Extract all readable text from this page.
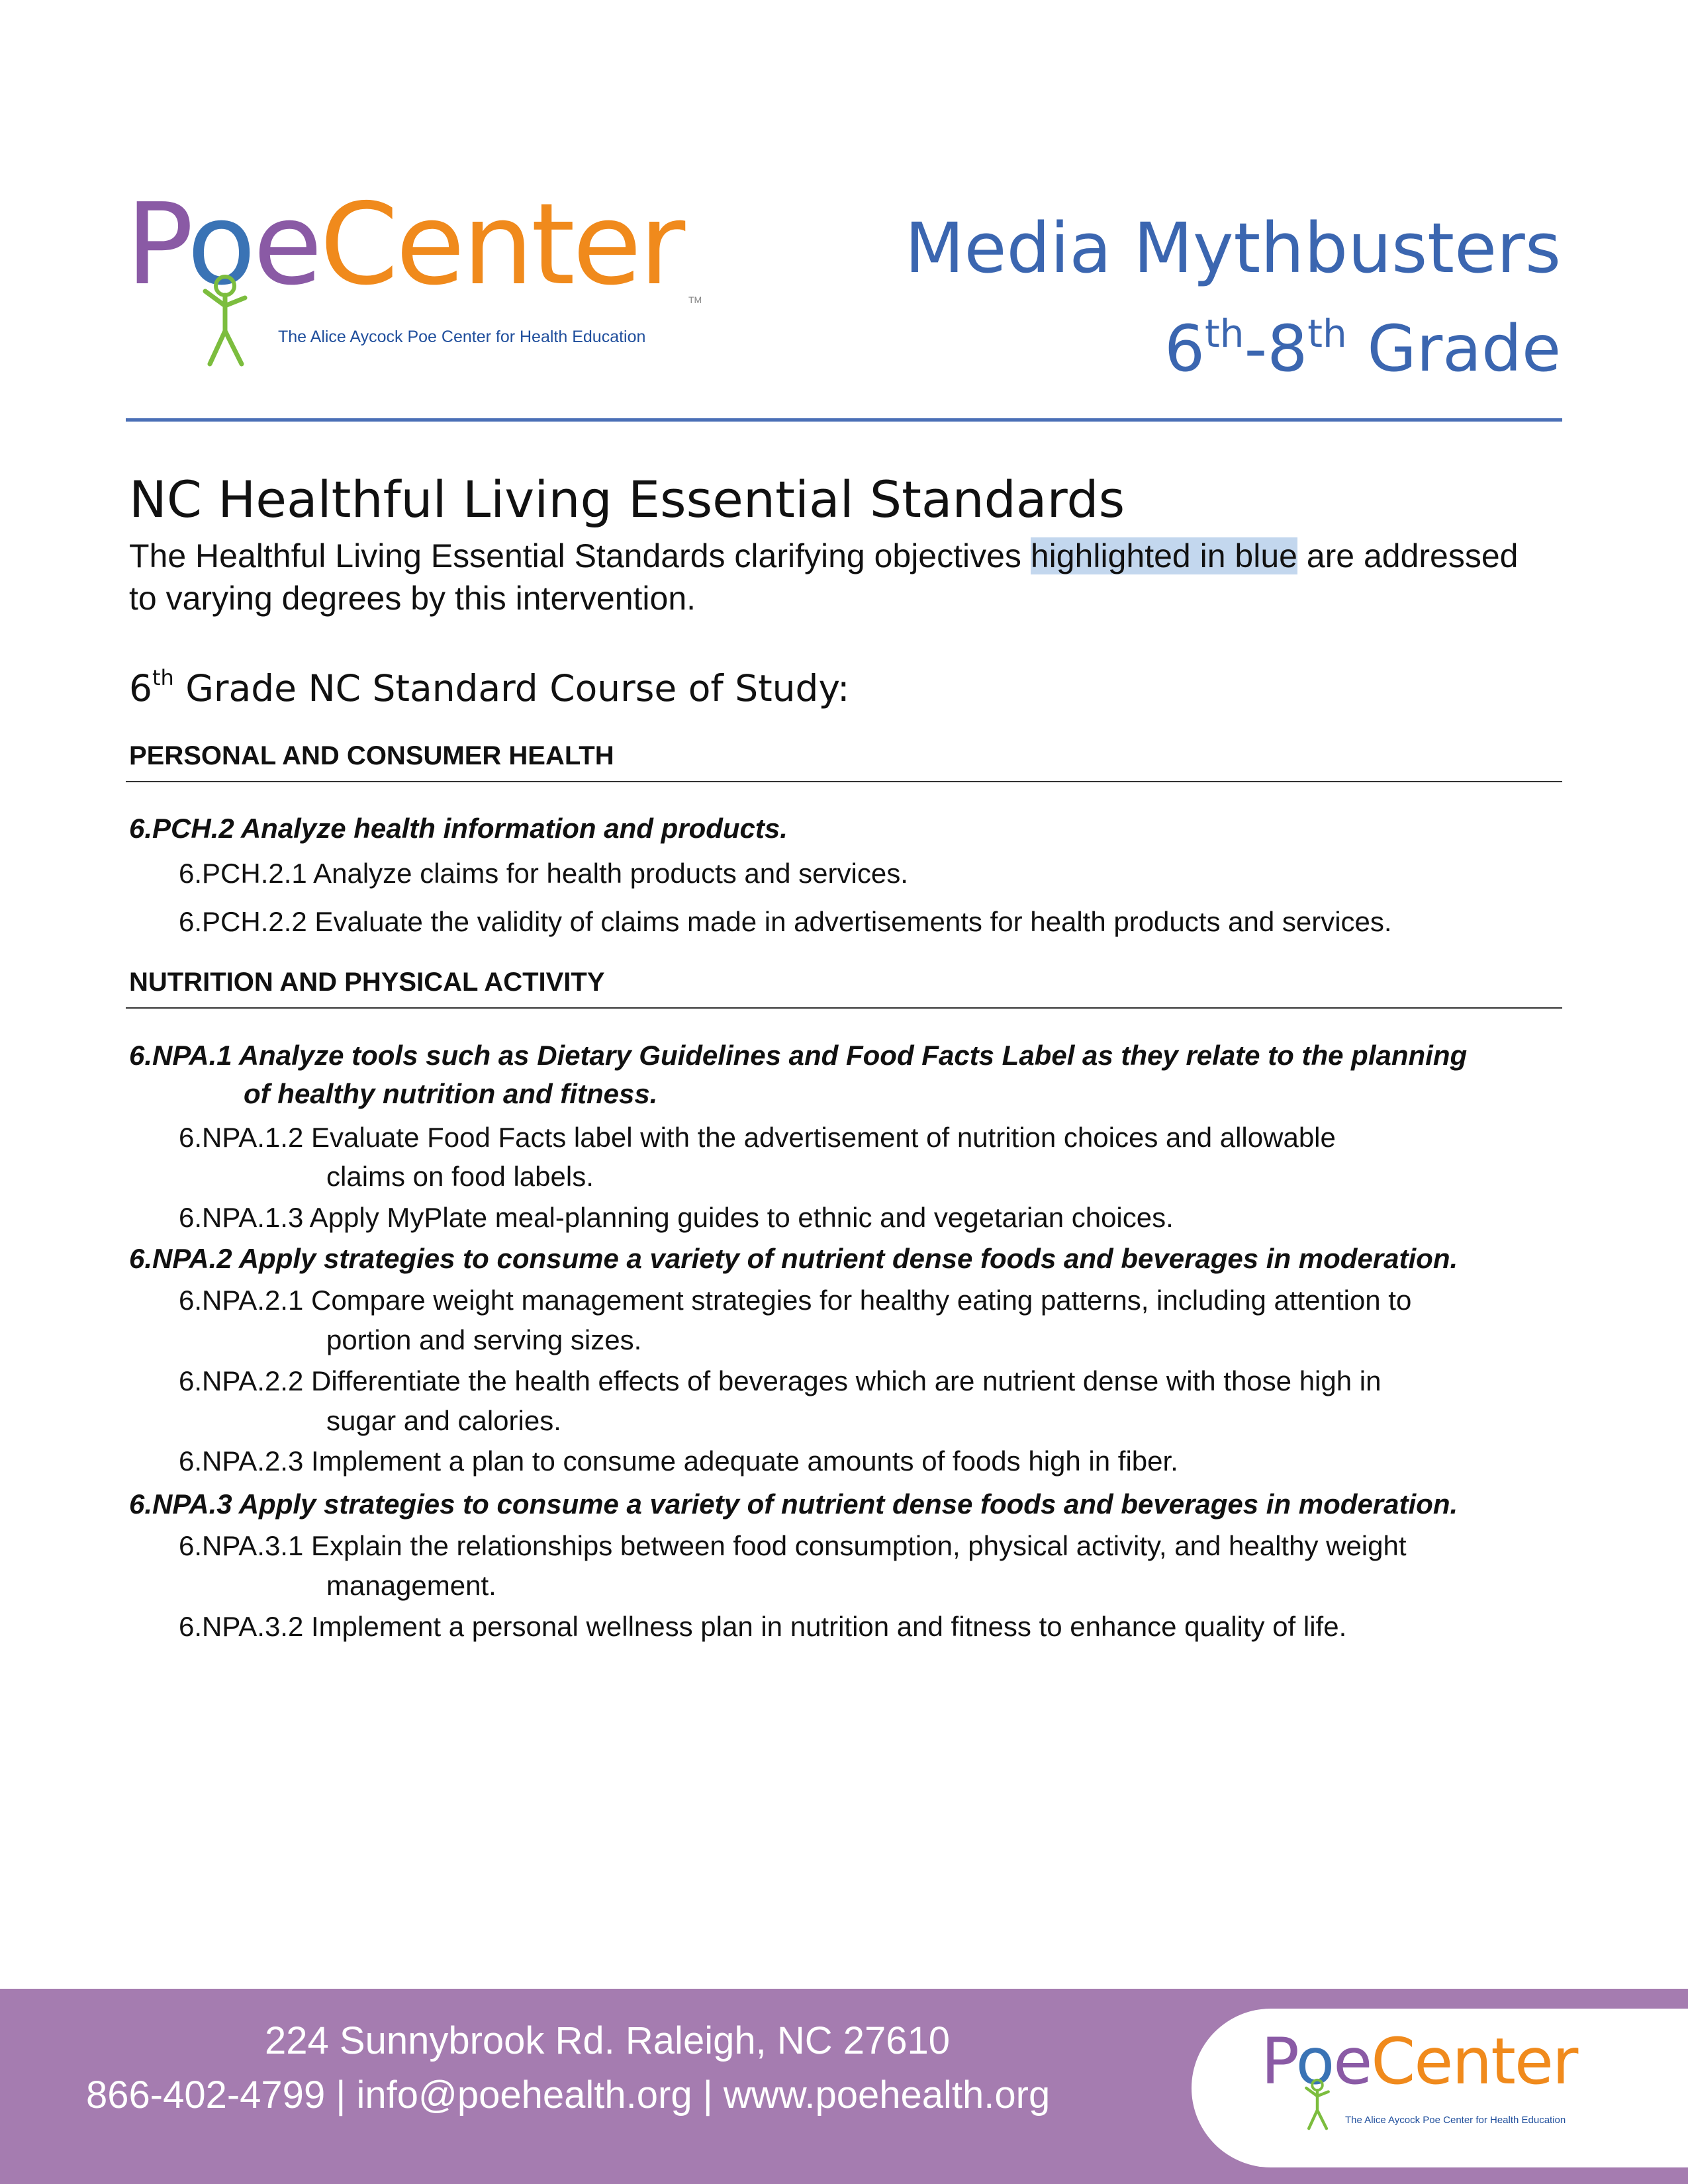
PoeCenter
The Alice Aycock Poe Center for Health Education
TM
Media Mythbusters
6th-8th Grade
NC Healthful Living Essential Standards
The Healthful Living Essential Standards clarifying objectives highlighted in blue are addressed to varying degrees by this intervention.
6th Grade NC Standard Course of Study:
PERSONAL AND CONSUMER HEALTH
6.PCH.2 Analyze health information and products.
6.PCH.2.1 Analyze claims for health products and services.
6.PCH.2.2 Evaluate the validity of claims made in advertisements for health products and services.
NUTRITION AND PHYSICAL ACTIVITY
6.NPA.1 Analyze tools such as Dietary Guidelines and Food Facts Label as they relate to the planning
of healthy nutrition and fitness.
6.NPA.1.2 Evaluate Food Facts label with the advertisement of nutrition choices and allowable
claims on food labels.
6.NPA.1.3 Apply MyPlate meal-planning guides to ethnic and vegetarian choices.
6.NPA.2 Apply strategies to consume a variety of nutrient dense foods and beverages in moderation.
6.NPA.2.1 Compare weight management strategies for healthy eating patterns, including attention to
portion and serving sizes.
6.NPA.2.2 Differentiate the health effects of beverages which are nutrient dense with those high in
sugar and calories.
6.NPA.2.3 Implement a plan to consume adequate amounts of foods high in fiber.
6.NPA.3 Apply strategies to consume a variety of nutrient dense foods and beverages in moderation.
6.NPA.3.1 Explain the relationships between food consumption, physical activity, and healthy weight
management.
6.NPA.3.2 Implement a personal wellness plan in nutrition and fitness to enhance quality of life.
224 Sunnybrook Rd. Raleigh, NC 27610
866-402-4799 | info@poehealth.org | www.poehealth.org	PoeCenter
The Alice Aycock Poe Center for Health Education
